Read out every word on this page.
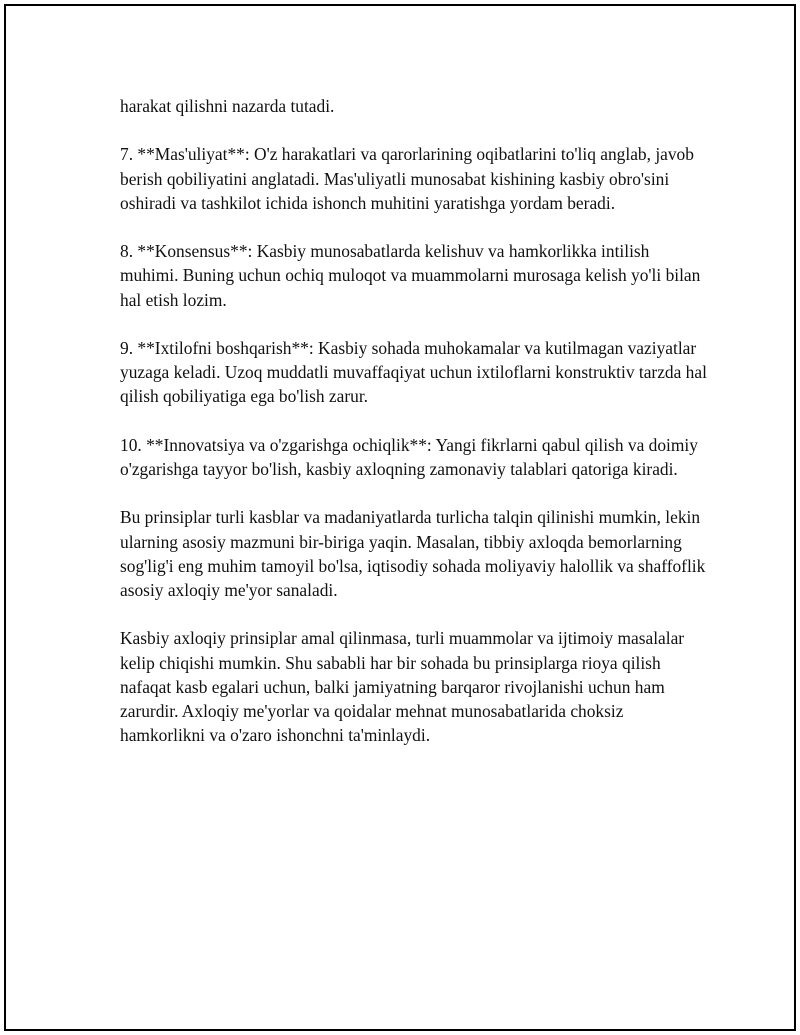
harakat qilishni nazarda tutadi.

7. **Mas'uliyat**: O'z harakatlari va qarorlarining oqibatlarini to'liq anglab, javob berish qobiliyatini anglatadi. Mas'uliyatli munosabat kishining kasbiy obro'sini oshiradi va tashkilot ichida ishonch muhitini yaratishga yordam beradi.

8. **Konsensus**: Kasbiy munosabatlarda kelishuv va hamkorlikka intilish muhimi. Buning uchun ochiq muloqot va muammolarni murosaga kelish yo'li bilan hal etish lozim.

9. **Ixtilofni boshqarish**: Kasbiy sohada muhokamalar va kutilmagan vaziyatlar yuzaga keladi. Uzoq muddatli muvaffaqiyat uchun ixtiloflarni konstruktiv tarzda hal qilish qobiliyatiga ega bo'lish zarur.

10. **Innovatsiya va o'zgarishga ochiqlik**: Yangi fikrlarni qabul qilish va doimiy o'zgarishga tayyor bo'lish, kasbiy axloqning zamonaviy talablari qatoriga kiradi.

Bu prinsiplar turli kasblar va madaniyatlarda turlicha talqin qilinishi mumkin, lekin ularning asosiy mazmuni bir-biriga yaqin. Masalan, tibbiy axloqda bemorlarning sog'lig'i eng muhim tamoyil bo'lsa, iqtisodiy sohada moliyaviy halollik va shaffoflik asosiy axloqiy me'yor sanaladi.

Kasbiy axloqiy prinsiplar amal qilinmasa, turli muammolar va ijtimoiy masalalar kelip chiqishi mumkin. Shu sababli har bir sohada bu prinsiplarga rioya qilish nafaqat kasb egalari uchun, balki jamiyatning barqaror rivojlanishi uchun ham zarurdir. Axloqiy me'yorlar va qoidalar mehnat munosabatlarida choksiz hamkorlikni va o'zaro ishonchni ta'minlaydi.
